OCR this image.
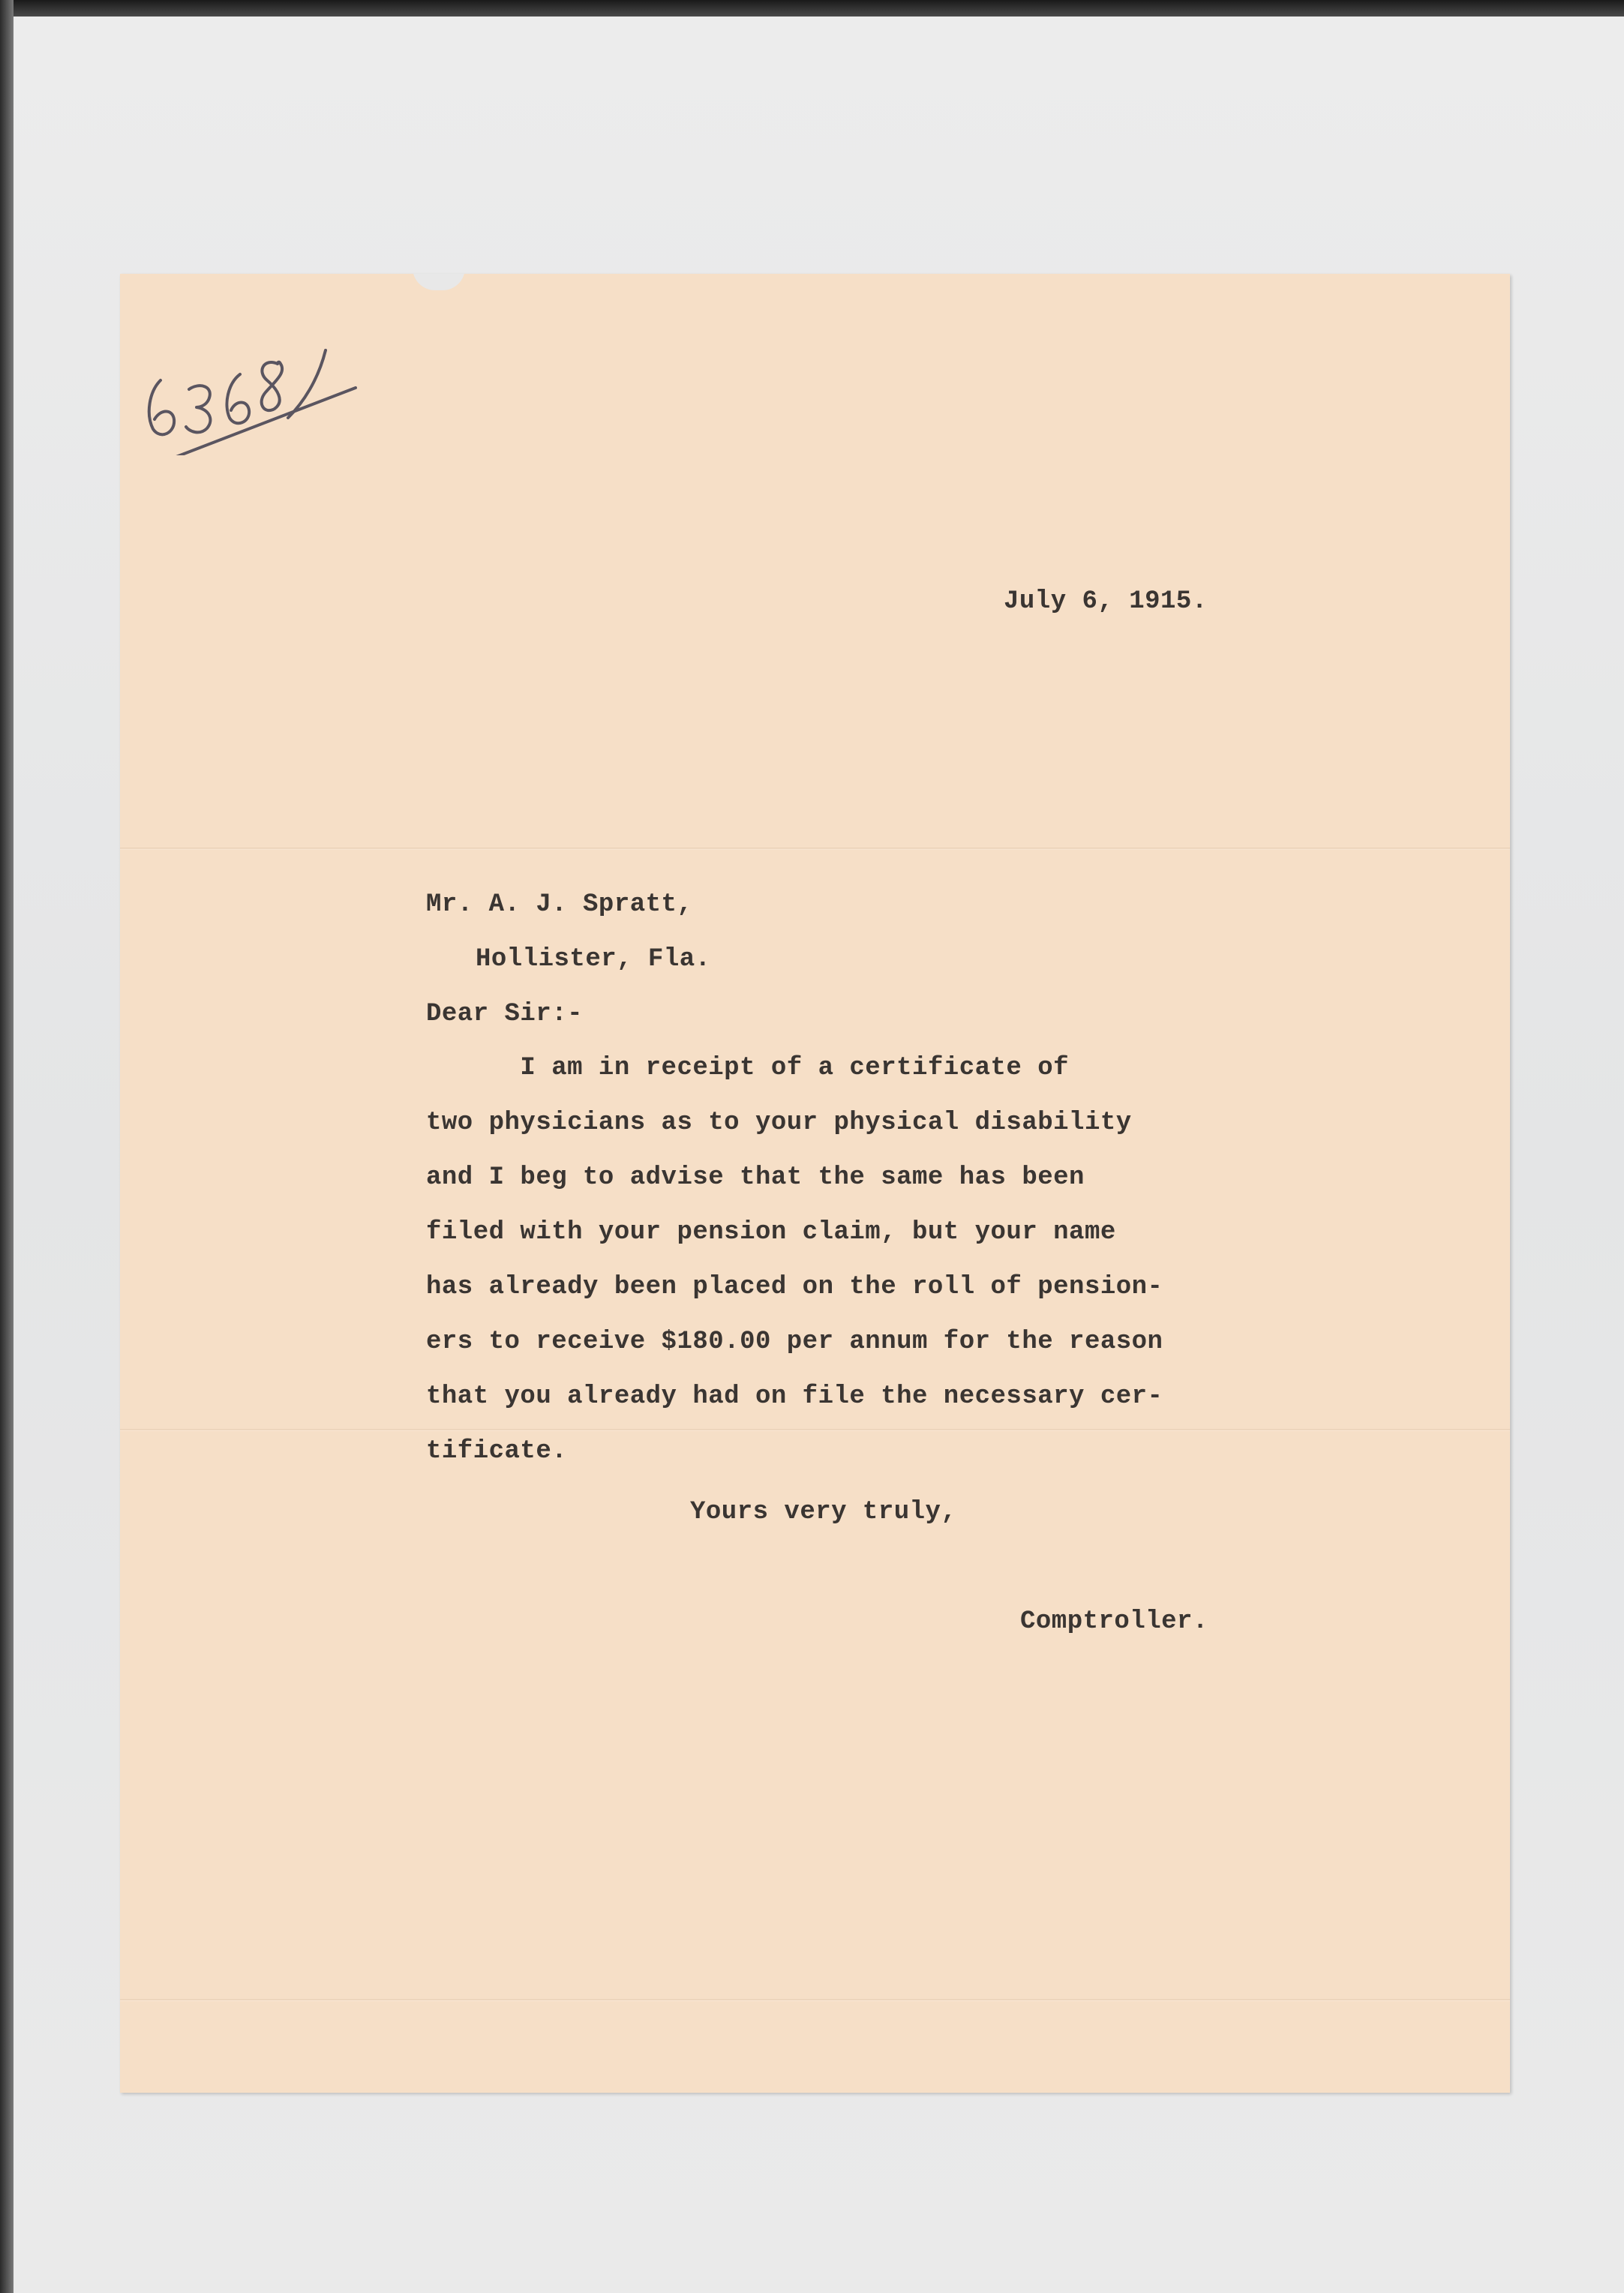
July 6, 1915.
Mr. A. J. Spratt,
Hollister, Fla.
Dear Sir:-
I am in receipt of a certificate of
two physicians as to your physical disability
and I beg to advise that the same has been
filed with your pension claim, but your name
has already been placed on the roll of pension-
ers to receive $180.00 per annum for the reason
that you already had on file the necessary cer-
tificate.
Yours very truly,
Comptroller.
